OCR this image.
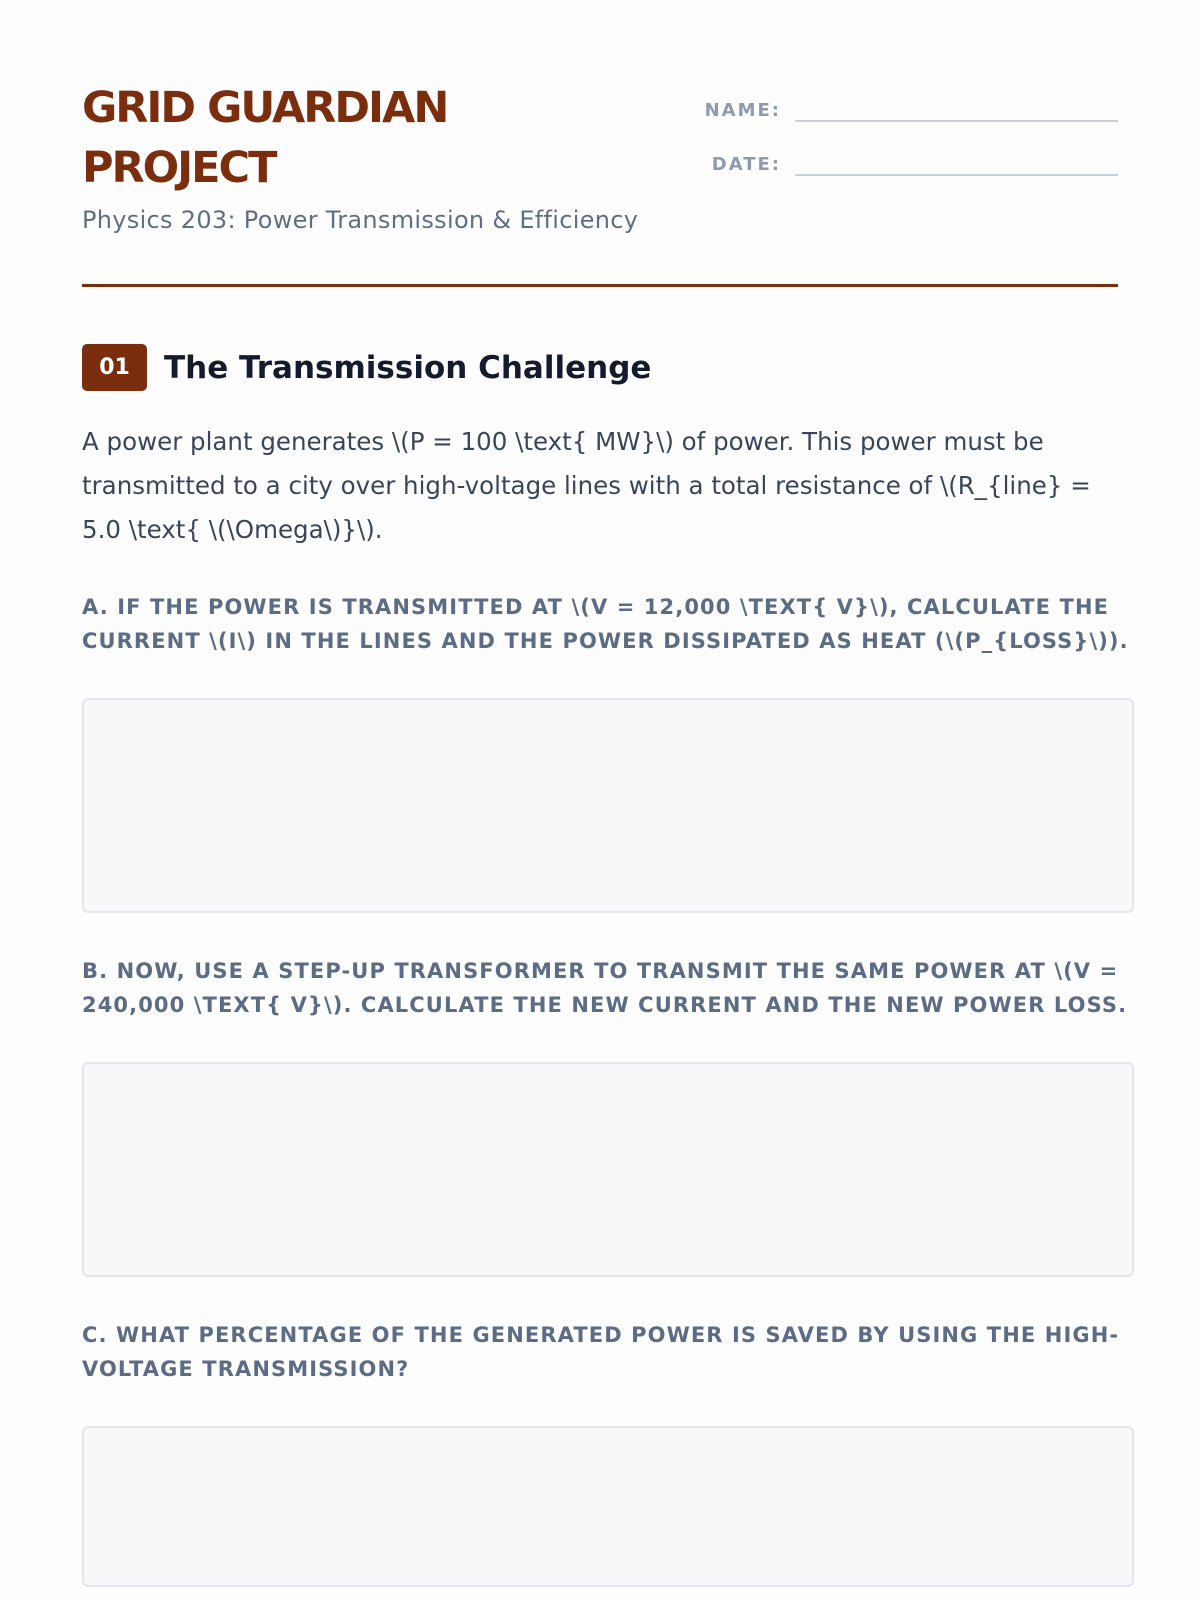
GRID GUARDIAN PROJECT
Physics 203: Power Transmission & Efficiency
NAME:
DATE:
01	The Transmission Challenge

A power plant generates \(P = 100 \text{ MW}\) of power. This power must be transmitted to a city over high-voltage lines with a total resistance of \(R_{line} = 5.0 \text{ \(\Omega\)}\).

A. IF THE POWER IS TRANSMITTED AT \(V = 12,000 \TEXT{ V}\), CALCULATE THE CURRENT \(I\) IN THE LINES AND THE POWER DISSIPATED AS HEAT (\(P_{LOSS}\)).

B. NOW, USE A STEP-UP TRANSFORMER TO TRANSMIT THE SAME POWER AT \(V = 240,000 \TEXT{ V}\). CALCULATE THE NEW CURRENT AND THE NEW POWER LOSS.

C. WHAT PERCENTAGE OF THE GENERATED POWER IS SAVED BY USING THE HIGH-VOLTAGE TRANSMISSION?
